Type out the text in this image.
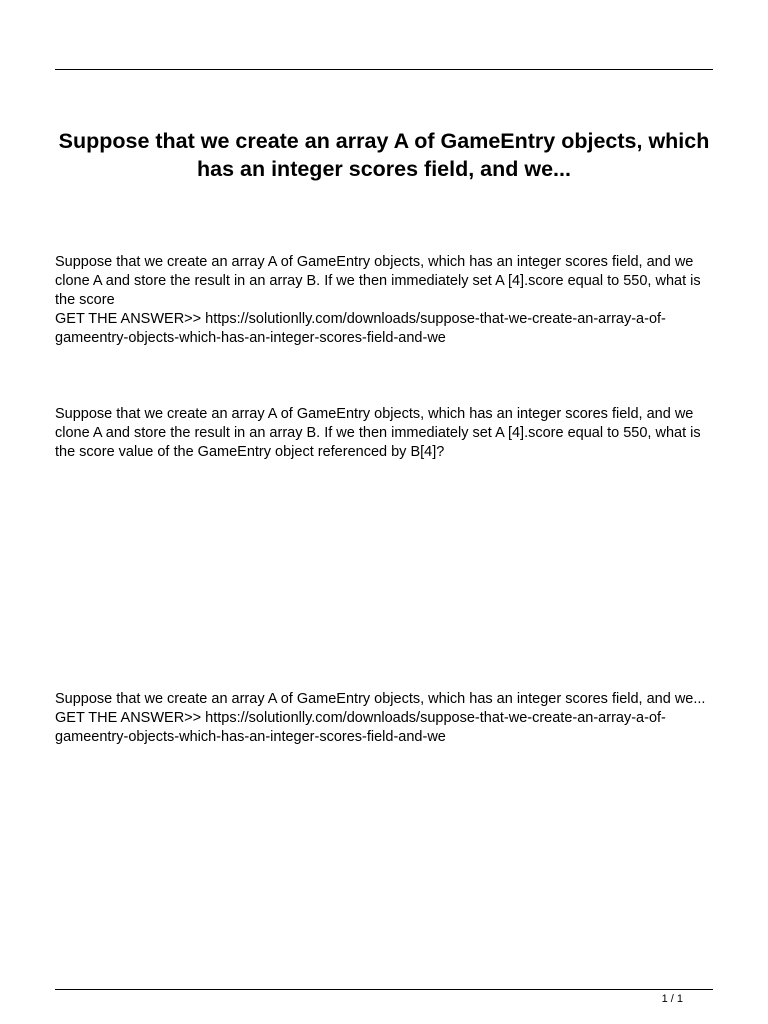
Suppose that we create an array A of GameEntry objects, which has an integer scores field, and we...

Suppose that we create an array A of GameEntry objects, which has an integer scores field, and we clone A and store the result in an array B. If we then immediately set A [4].score equal to 550, what is the score

GET THE ANSWER>> https://solutionlly.com/downloads/suppose-that-we-create-an-array-a-of-gameentry-objects-which-has-an-integer-scores-field-and-we

Suppose that we create an array A of GameEntry objects, which has an integer scores field, and we clone A and store the result in an array B. If we then immediately set A [4].score equal to 550, what is the score value of the GameEntry object referenced by B[4]?

Suppose that we create an array A of GameEntry objects, which has an integer scores field, and we...

GET THE ANSWER>> https://solutionlly.com/downloads/suppose-that-we-create-an-array-a-of-gameentry-objects-which-has-an-integer-scores-field-and-we

1 / 1
